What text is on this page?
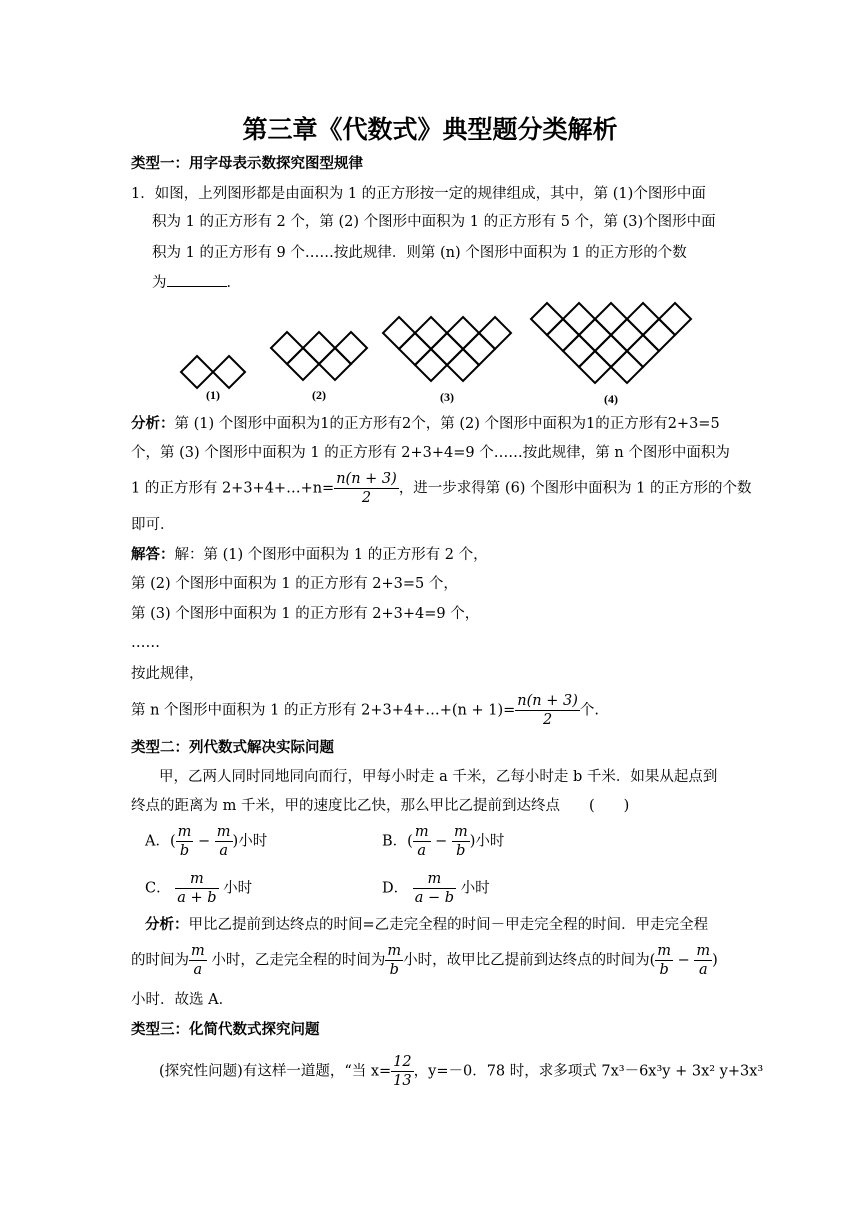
第三章《代数式》典型题分类解析
类型一：用字母表示数探究图型规律
1．如图，上列图形都是由面积为 1 的正方形按一定的规律组成，其中，第 (1)个图形中面
积为 1 的正方形有 2 个，第 (2) 个图形中面积为 1 的正方形有 5 个，第 (3)个图形中面
积为 1 的正方形有 9 个……按此规律．则第 (n) 个图形中面积为 1 的正方形的个数
为	．
(1)	(2)	(3)	(4)
分析：第 (1) 个图形中面积为1的正方形有2个，第 (2) 个图形中面积为1的正方形有2+3=5
个，第 (3) 个图形中面积为 1 的正方形有 2+3+4=9 个……按此规律，第 n 个图形中面积为
1 的正方形有 2+3+4+…+n= $\frac{n(n + 3)}{2}$ ，进一步求得第 (6) 个图形中面积为 1 的正方形的个数
即可．
解答：解：第 (1) 个图形中面积为 1 的正方形有 2 个，
第 (2) 个图形中面积为 1 的正方形有 2+3=5 个，
第 (3) 个图形中面积为 1 的正方形有 2+3+4=9 个，
……
按此规律，
第 n 个图形中面积为 1 的正方形有 2+3+4+…+(n + $1)= \frac{n(n + 3)}{2}$ 个.
类型二：列代数式解决实际问题
甲，乙两人同时同地同向而行，甲每小时走 a 千米，乙每小时走 b 千米．如果从起点到
终点的距离为 m 千米，甲的速度比乙快，那么甲比乙提前到达终点　　(　　)
A．( $\frac{m}{b} - \frac{m}{a}$ )小时	B．( $\frac{m}{a} - \frac{m}{b}$ )小时
C． $\frac{m}{a + b}$ 小时	D． $\frac{m}{a - b}$ 小时
分析：甲比乙提前到达终点的时间=乙走完全程的时间－甲走完全程的时间．甲走完全程
的时间为 $\frac{m}{a}$ 小时，乙走完全程的时间为 $\frac{m}{b}$ 小时，故甲比乙提前到达终点的时间为( $\frac{m}{b} - \frac{m}{a}$ )
小时．故选 A．
类型三：化简代数式探究问题
(探究性问题)有这样一道题，“当 $x= \frac{12}{13}$ ，y=－0．78 时，求多项式 7x³－6x³y + 3x² y+3x³
